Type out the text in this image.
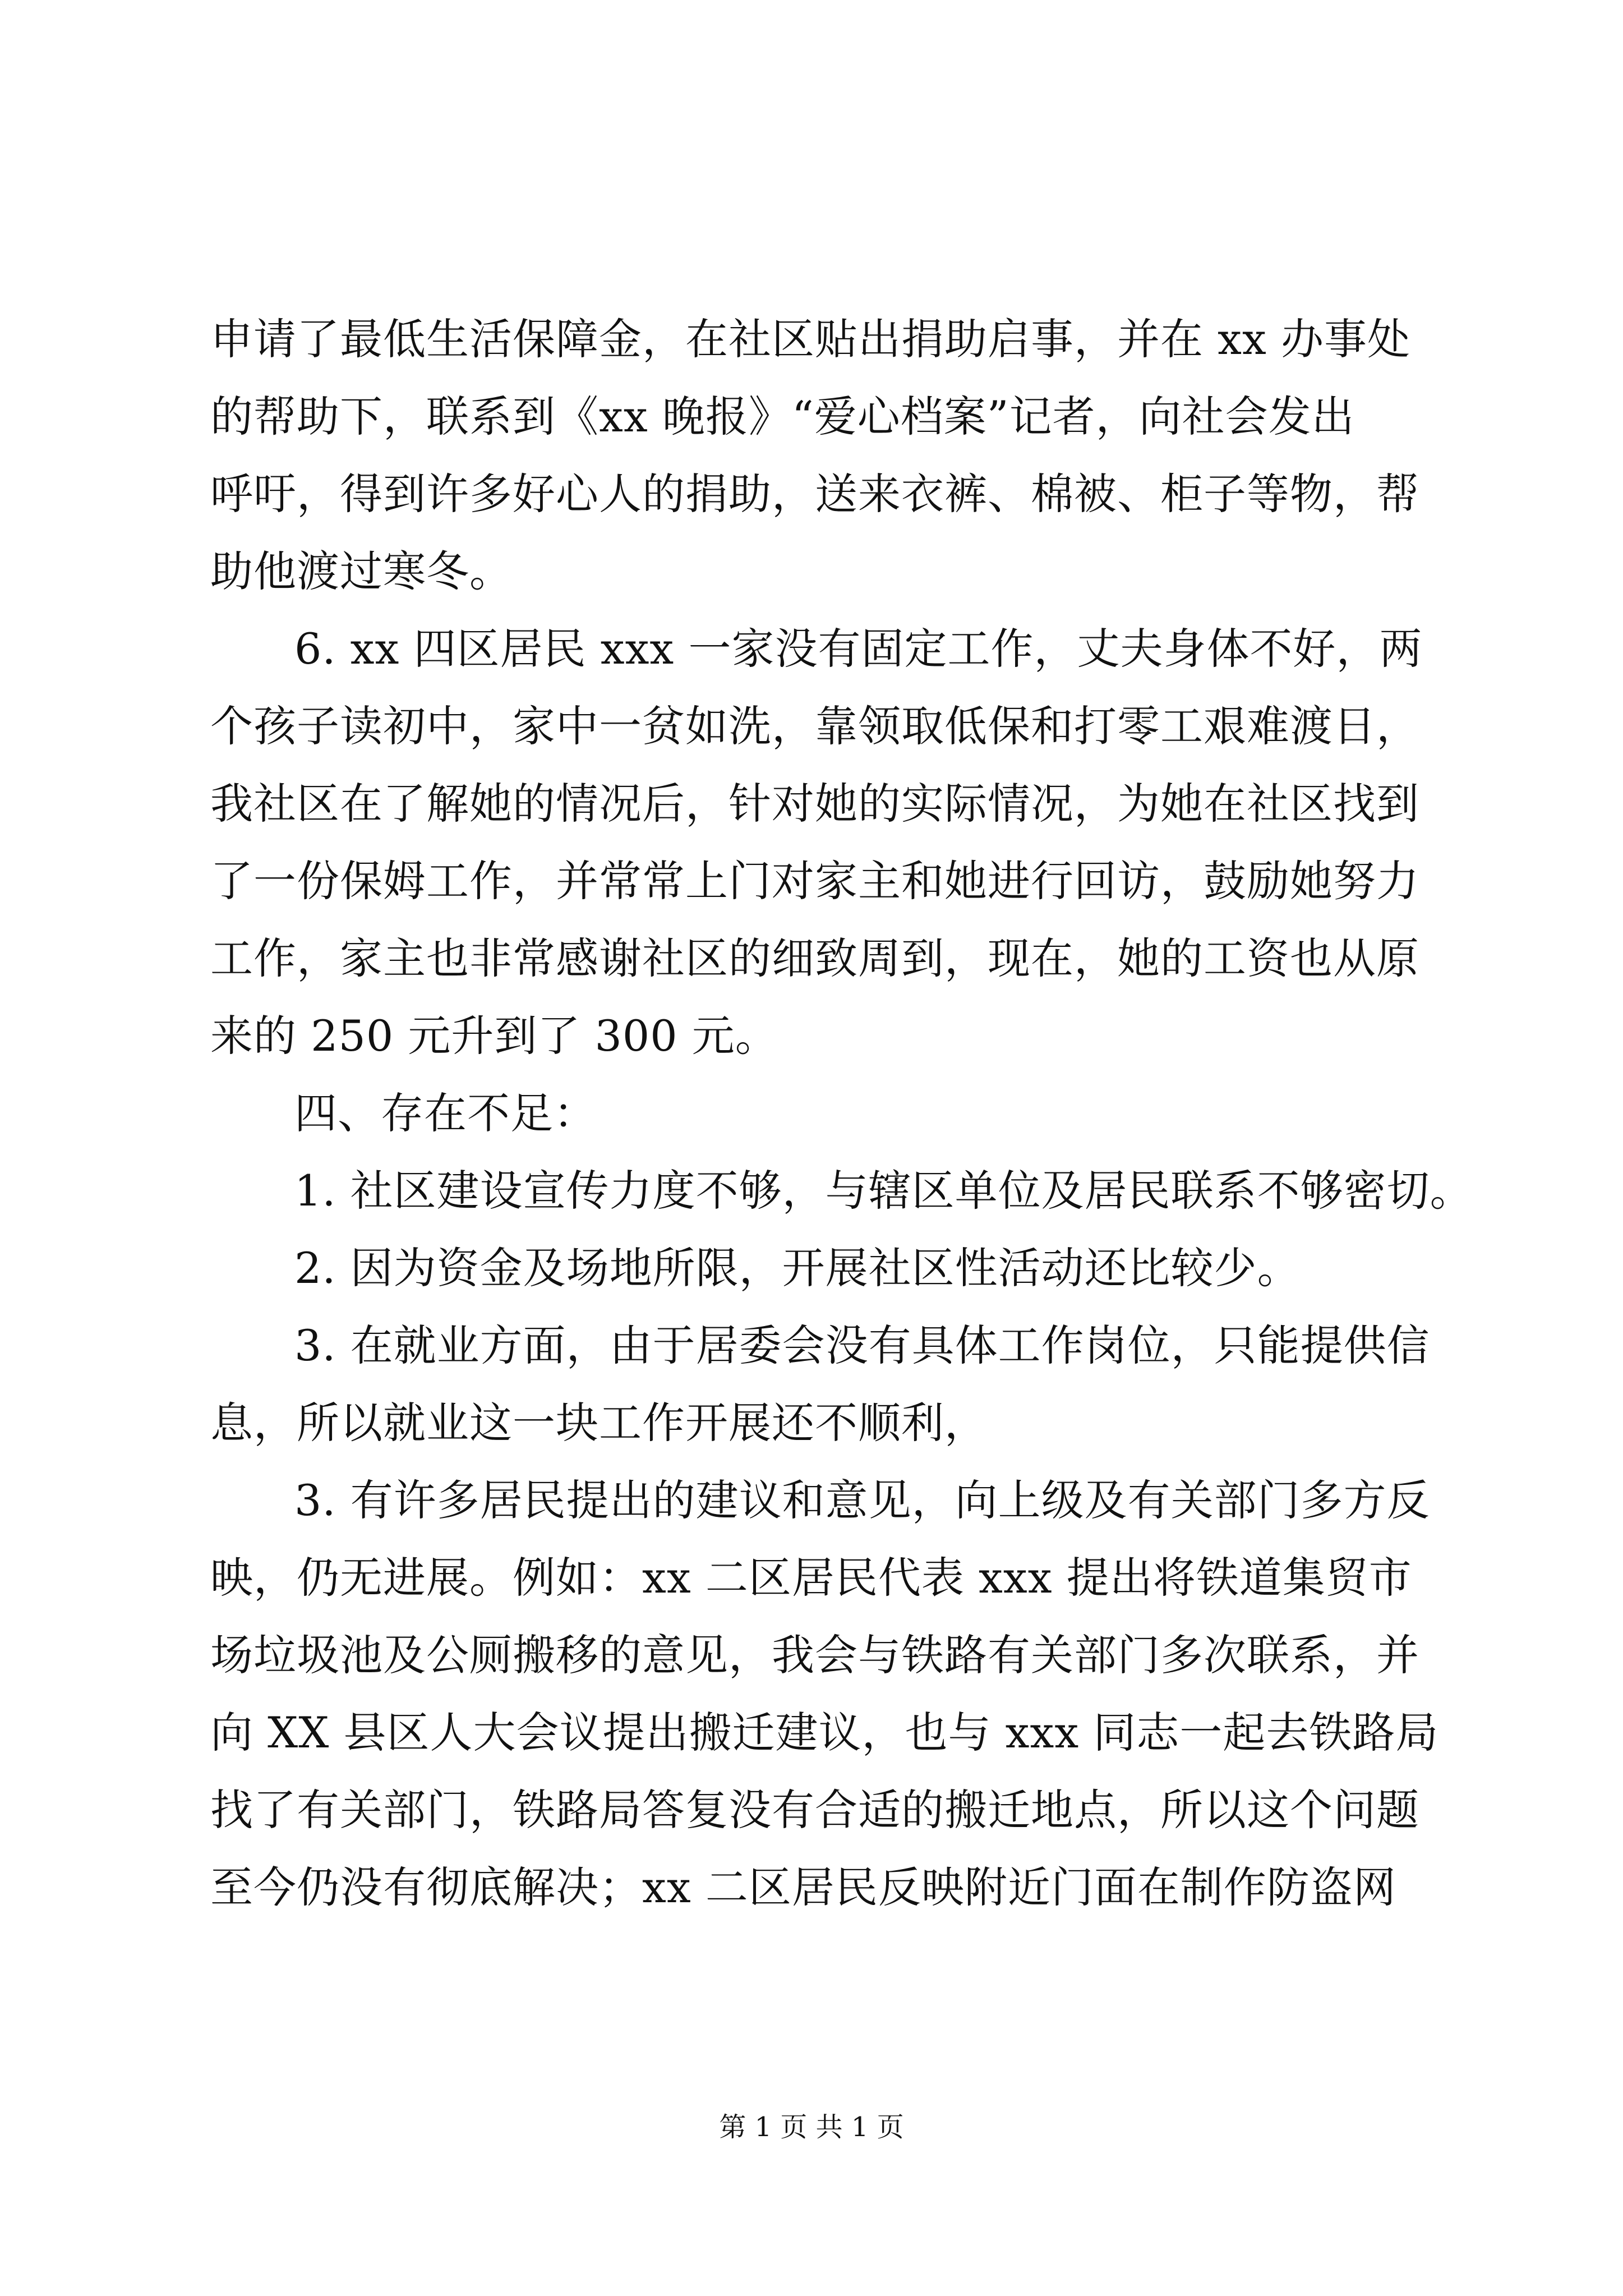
申请了最低生活保障金，在社区贴出捐助启事，并在 xx 办事处
的帮助下，联系到《xx 晚报》“爱心档案”记者，向社会发出
呼吁，得到许多好心人的捐助，送来衣裤、棉被、柜子等物，帮
助他渡过寒冬。
6. xx 四区居民 xxx 一家没有固定工作，丈夫身体不好，两
个孩子读初中，家中一贫如洗，靠领取低保和打零工艰难渡日，
我社区在了解她的情况后，针对她的实际情况，为她在社区找到
了一份保姆工作，并常常上门对家主和她进行回访，鼓励她努力
工作，家主也非常感谢社区的细致周到，现在，她的工资也从原
来的 250 元升到了 300 元。
四、存在不足：
1. 社区建设宣传力度不够，与辖区单位及居民联系不够密切。
2. 因为资金及场地所限，开展社区性活动还比较少。
3. 在就业方面，由于居委会没有具体工作岗位，只能提供信
息，所以就业这一块工作开展还不顺利，
3. 有许多居民提出的建议和意见，向上级及有关部门多方反
映，仍无进展。例如：xx 二区居民代表 xxx 提出将铁道集贸市
场垃圾池及公厕搬移的意见，我会与铁路有关部门多次联系，并
向 XX 县区人大会议提出搬迁建议，也与 xxx 同志一起去铁路局
找了有关部门，铁路局答复没有合适的搬迁地点，所以这个问题
至今仍没有彻底解决；xx 二区居民反映附近门面在制作防盗网
第 1 页 共 1 页
